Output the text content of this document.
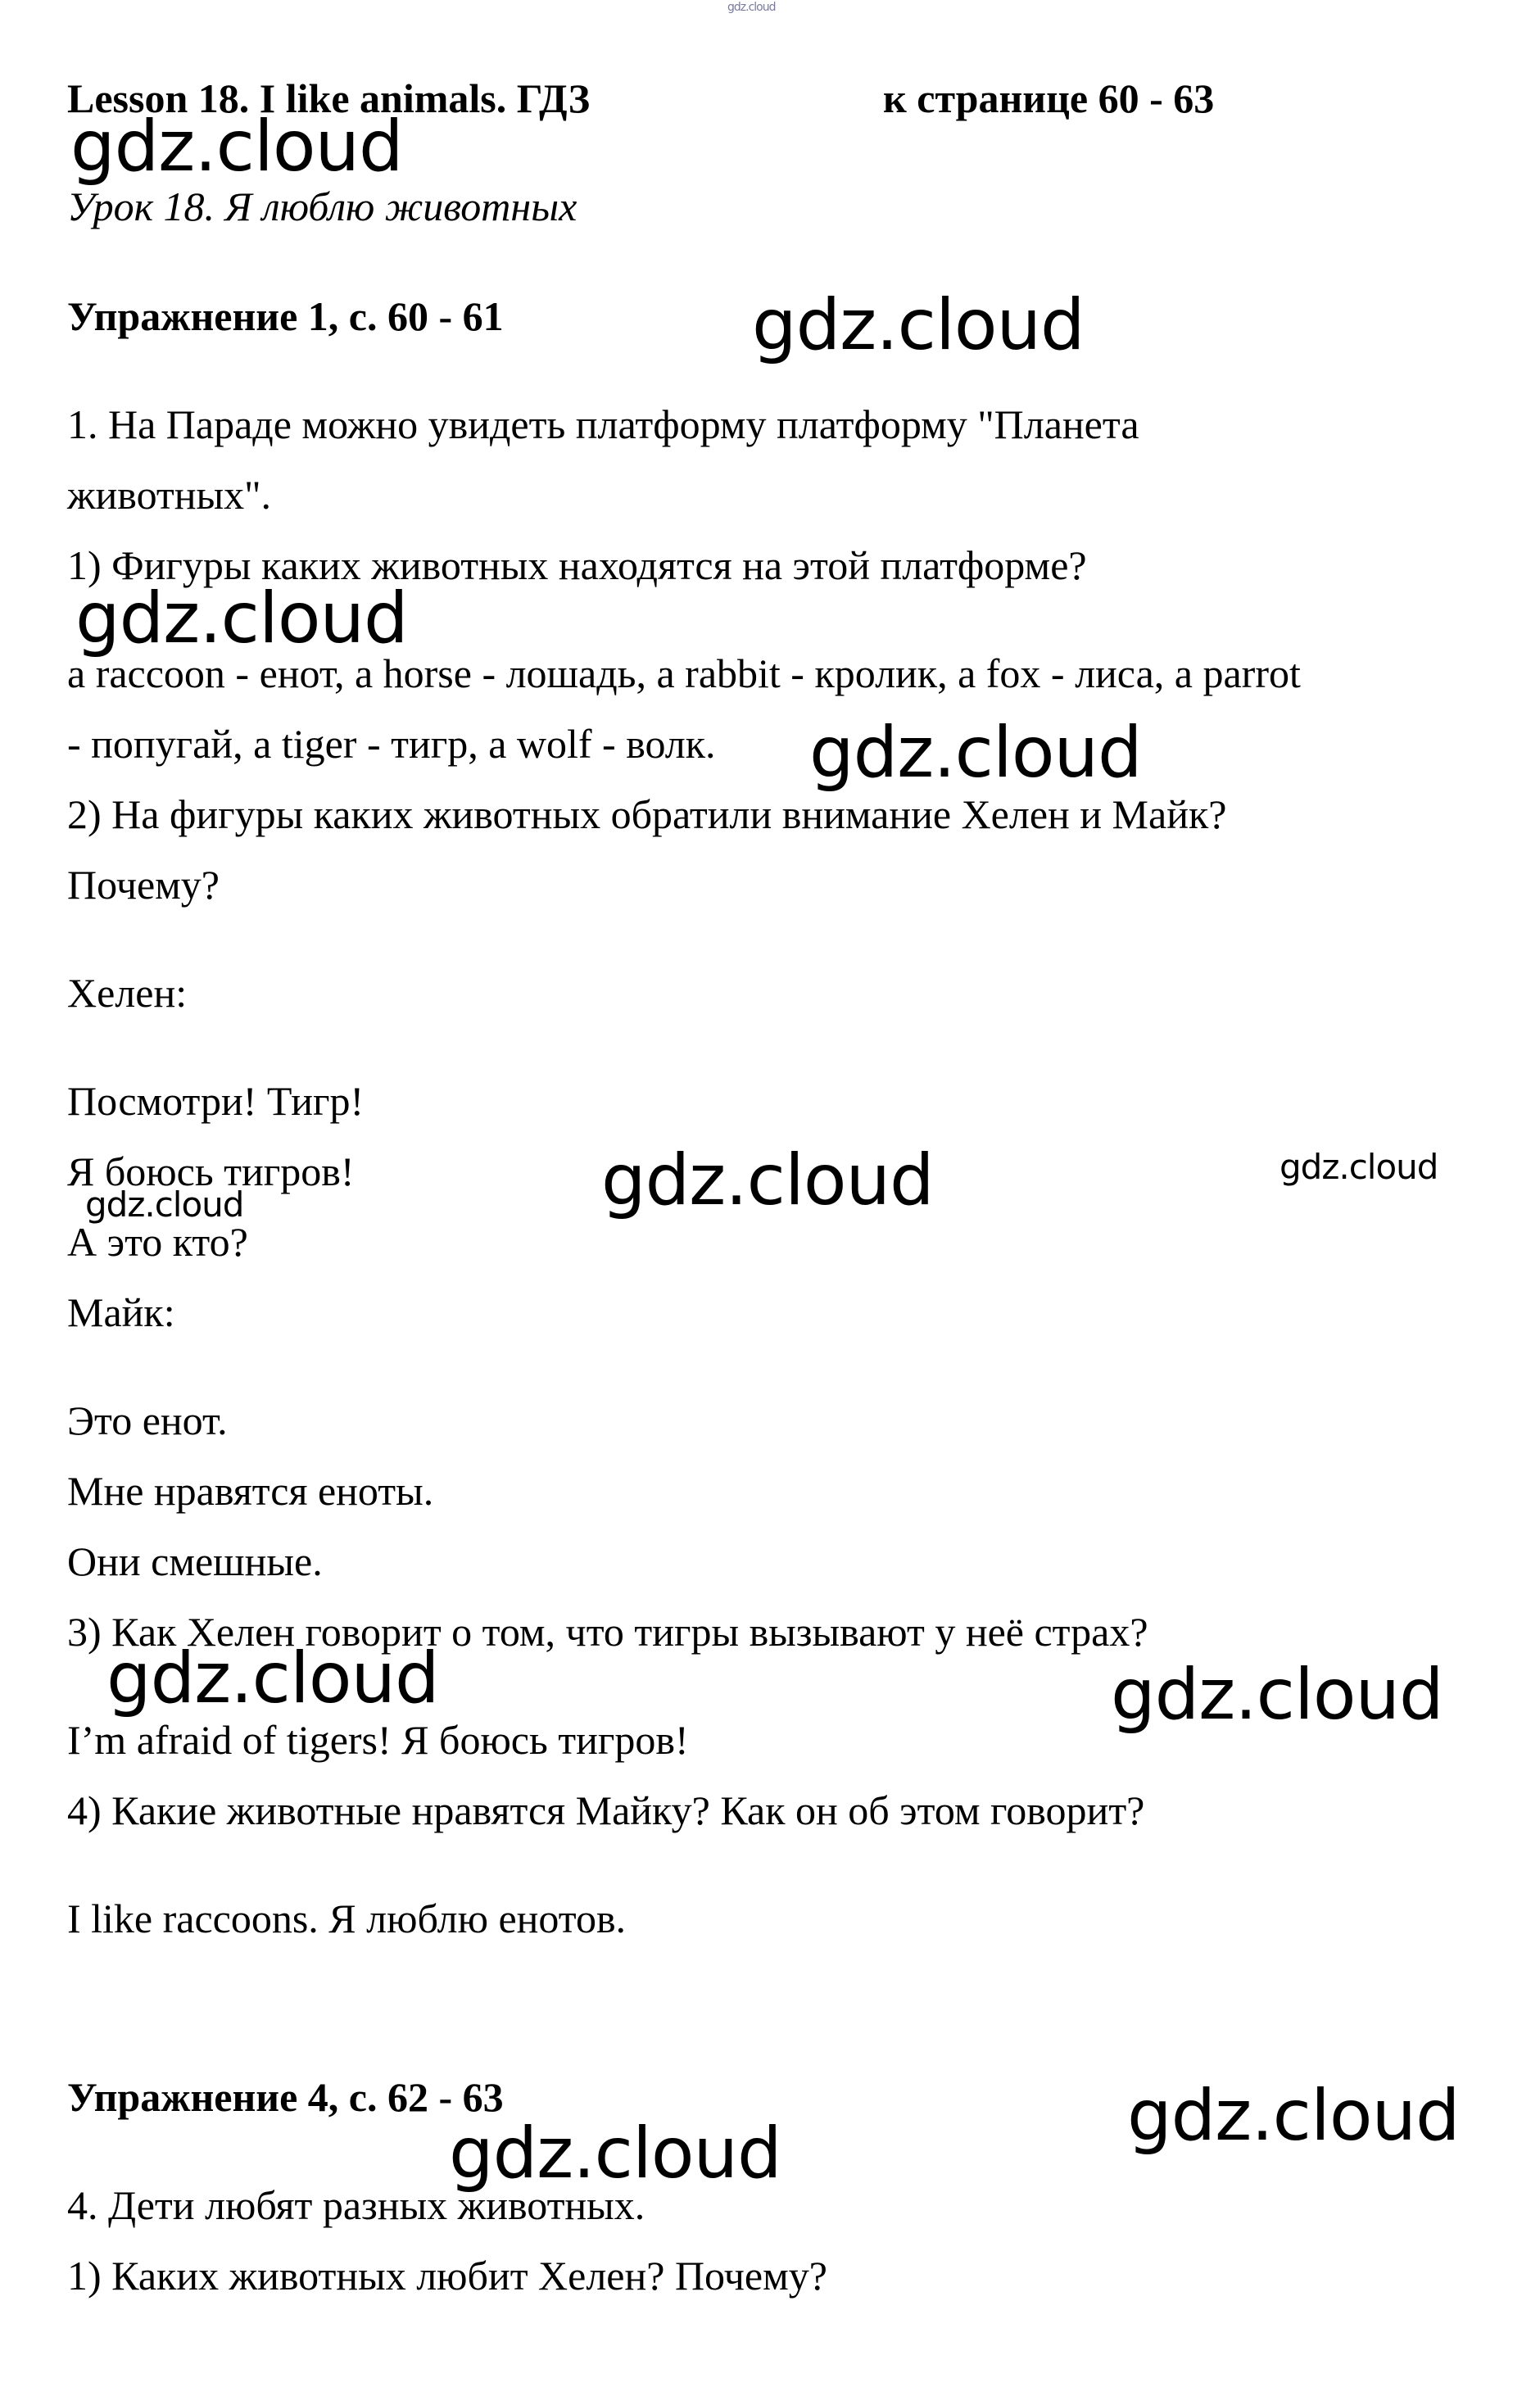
gdz.cloud
Lesson 18. I like animals. ГДЗ	к странице 60 - 63
Урок 18. Я люблю животных
Упражнение 1, с. 60 - 61
1. На Параде можно увидеть платформу платформу "Планета
животных".
1) Фигуры каких животных находятся на этой платформе?
a raccoon - енот, a horse - лошадь, a rabbit - кролик, a fox - лиса, a parrot
- попугай, a tiger - тигр, a wolf - волк.
2) На фигуры каких животных обратили внимание Хелен и Майк?
Почему?
Хелен:
Посмотри! Тигр!
Я боюсь тигров!
А это кто?
Майк:
Это енот.
Мне нравятся еноты.
Они смешные.
3) Как Хелен говорит о том, что тигры вызывают у неё страх?
I’m afraid of tigers! Я боюсь тигров!
4) Какие животные нравятся Майку? Как он об этом говорит?
I like raccoons. Я люблю енотов.
Упражнение 4, с. 62 - 63
4. Дети любят разных животных.
1) Каких животных любит Хелен? Почему?
gdz.cloud
gdz.cloud
gdz.cloud
gdz.cloud
gdz.cloud	gdz.cloud
gdz.cloud
gdz.cloud	gdz.cloud
gdz.cloud
gdz.cloud
